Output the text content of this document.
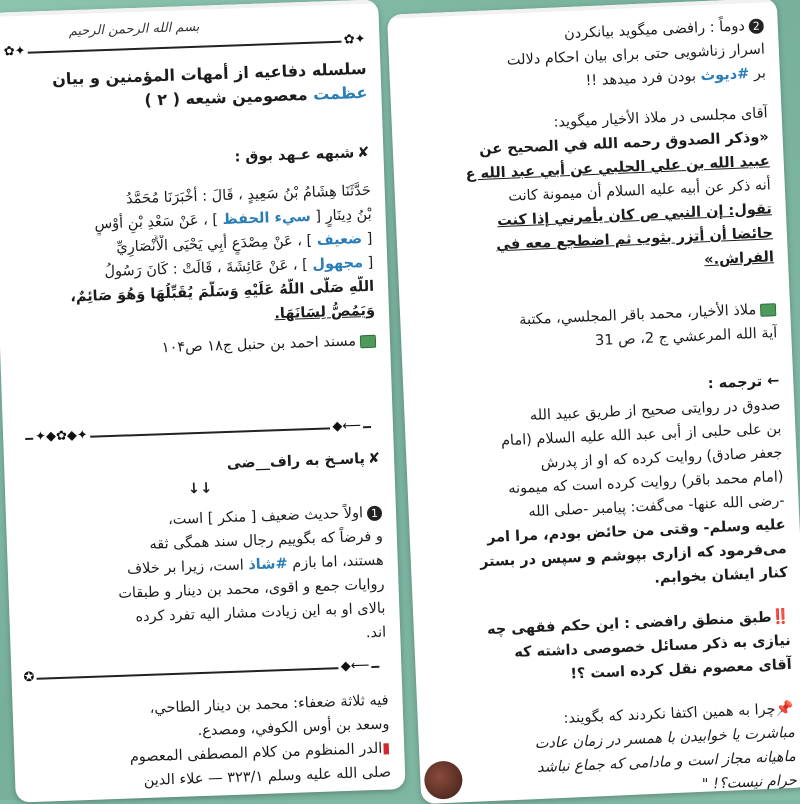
✿✦
✿✦
بسم الله الرحمن الرحیم
سلسله دفاعیه از أمهات المؤمنین و بیان
عظمت معصومین شیعه ( ۲ )
✘شبهه عـهد بوق :
حَدَّثَنَا هِشَامُ بْنُ سَعِیدٍ ، قَالَ : أَخْبَرَنَا مُحَمَّدُ
بْنُ دِینَارٍ [ سيء الحفظ ] ، عَنْ سَعْدِ بْنِ أَوْسٍ
[ ضعيف ] ، عَنْ مِصْدَعٍ أَبِي يَحْيَى الْأَنْصَارِيِّ
[ مجهول ] ، عَنْ عَائِشَةَ ، قَالَتْ : كَانَ رَسُولُ
اللَّهِ صَلَّى اللَّهُ عَلَيْهِ وَسَلَّمَ يُقَبِّلُهَا وَهُوَ صَائِمٌ،
وَيَمُصُّ لِسَانَهَا.
مسند احمد بن حنبل ج۱۸ ص۱۰۴
✦◆✿◆✦
◆⟵
✘پاسـخ به راف__ضی
↓↓
1اولاً حدیث ضعیف [ منکر ] است،
و فرضاً که بگوییم رجال سند همگی ثقه
هستند، اما بازم #شاذ است، زیرا بر خلاف
روایات جمع و اقوی، محمد بن دینار و طبقات
بالای او به این زیادت مشار الیه تفرد کرده
اند.
✪
◆⟵
فیه ثلاثة ضعفاء: محمد بن دینار الطاحي،
وسعد بن أوس الكوفي، ومصدع.
▮الدر المنظوم من كلام المصطفى المعصوم
صلى الله عليه وسلم ٣٢٣/١ — علاء الدين
2دوماً : رافضی میگوید بیانکردن
اسرار زناشویی حتی برای بیان احکام دلالت
بر #دیوث بودن فرد میدهد !!
آقای مجلسی در ملاذ الأخیار میگوید:
«وذكر الصدوق رحمه الله في الصحيح عن
عبيد الله بن علي الحلبي عن أبي عبد الله ع
أنه ذكر عن أبيه عليه السلام أن ميمونة كانت
تقول: إن النبي ص كان يأمرني إذا كنت
حائضا أن أتزر بثوب ثم اضطجع معه في
الفراش.»
ملاذ الأخيار، محمد باقر المجلسي، مكتبة
آية الله المرعشي ج 2، ص 31
← ترجمه :
صدوق در روایتی صحیح از طریق عبید الله
بن علی حلبی از أبی عبد الله علیه السلام (امام
جعفر صادق) روایت کرده که او از پدرش
(امام محمد باقر) روایت کرده است که میمونه
-رضی الله عنها- می‌گفت: پیامبر -صلی الله
علیه وسلم- وقتی من حائض بودم، مرا امر
می‌فرمود که ازاری بپوشم و سپس در بستر
کنار ایشان بخوابم.
‼️طبق منطق رافضی : این حکم فقهی چه
نیازی به ذکر مسائل خصوصی داشته که
آقای معصوم نقل کرده است ؟!
📌چرا به همین اکتفا نکردند که بگویند:
مباشرت یا خوابیدن با همسر در زمان عادت
ماهیانه مجاز است و مادامی که جماع نباشد
حرام نیست؟! "
